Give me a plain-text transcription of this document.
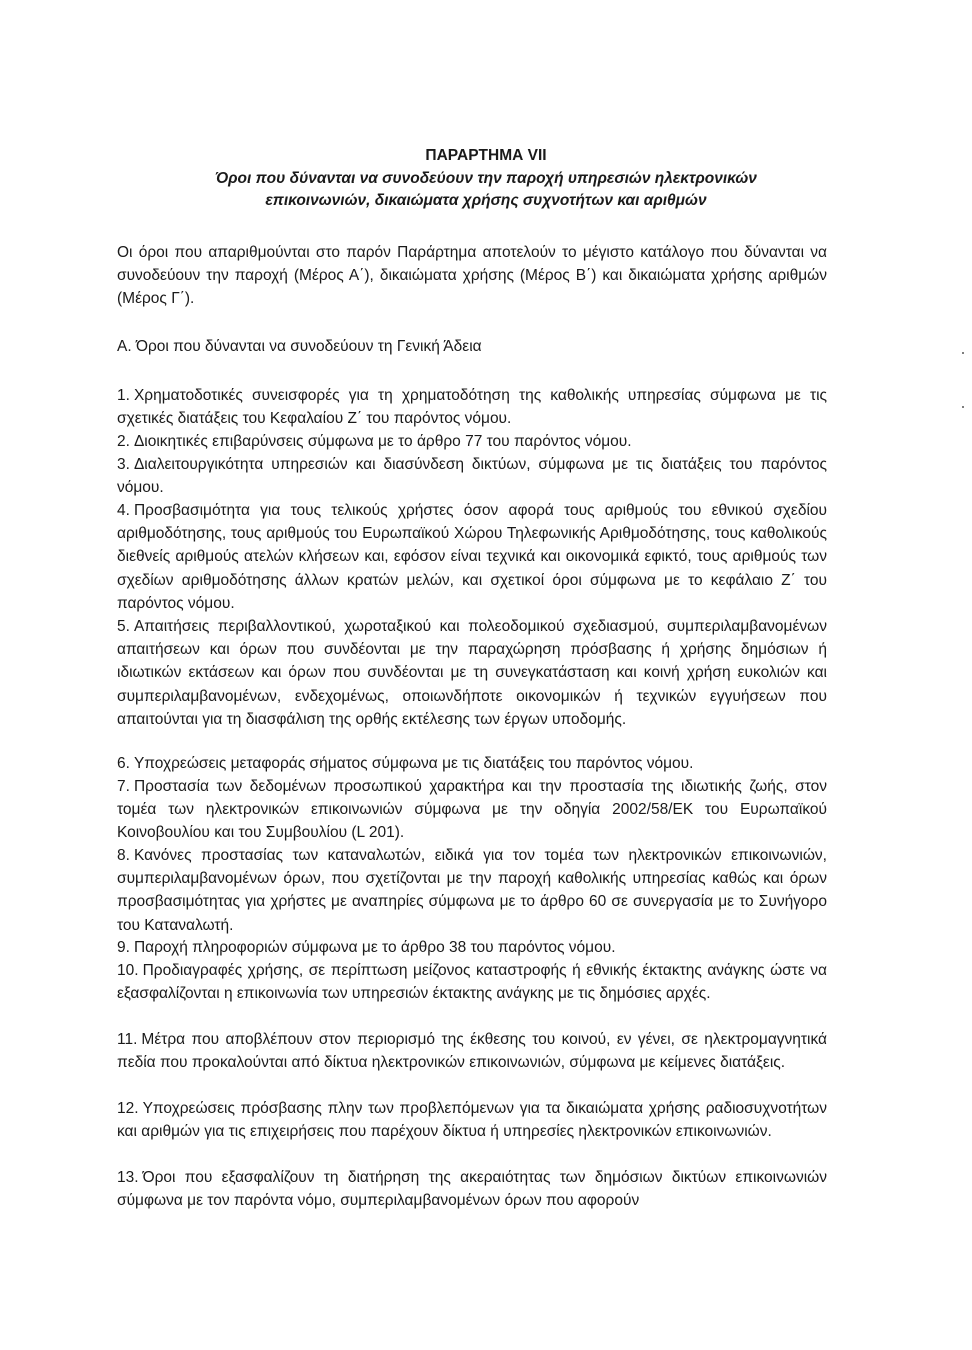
ΠΑΡΑΡΤΗΜΑ VII
Όροι που δύνανται να συνοδεύουν την παροχή υπηρεσιών ηλεκτρονικών
επικοινωνιών, δικαιώματα χρήσης συχνοτήτων και αριθμών

Οι όροι που απαριθμούνται στο παρόν Παράρτημα αποτελούν το μέγιστο κατάλογο που δύνανται να συνοδεύουν την παροχή (Μέρος Α΄), δικαιώματα χρήσης (Μέρος Β΄) και δικαιώματα χρήσης αριθμών (Μέρος Γ΄).

Α. Όροι που δύνανται να συνοδεύουν τη Γενική Άδεια

1. Χρηματοδοτικές συνεισφορές για τη χρηματοδότηση της καθολικής υπηρεσίας σύμφωνα με τις σχετικές διατάξεις του Κεφαλαίου Ζ΄ του παρόντος νόμου.

2. Διοικητικές επιβαρύνσεις σύμφωνα με το άρθρο 77 του παρόντος νόμου.

3. Διαλειτουργικότητα υπηρεσιών και διασύνδεση δικτύων, σύμφωνα με τις διατάξεις του παρόντος νόμου.

4. Προσβασιμότητα για τους τελικούς χρήστες όσον αφορά τους αριθμούς του εθνικού σχεδίου αριθμοδότησης, τους αριθμούς του Ευρωπαϊκού Χώρου Τηλεφωνικής Αριθμοδότησης, τους καθολικούς διεθνείς αριθμούς ατελών κλήσεων και, εφόσον είναι τεχνικά και οικονομικά εφικτό, τους αριθμούς των σχεδίων αριθμοδότησης άλλων κρατών μελών, και σχετικοί όροι σύμφωνα με το κεφάλαιο Ζ΄ του παρόντος νόμου.

5. Απαιτήσεις περιβαλλοντικού, χωροταξικού και πολεοδομικού σχεδιασμού, συμπεριλαμβανομένων απαιτήσεων και όρων που συνδέονται με την παραχώρηση πρόσβασης ή χρήσης δημόσιων ή ιδιωτικών εκτάσεων και όρων που συνδέονται με τη συνεγκατάσταση και κοινή χρήση ευκολιών και συμπεριλαμβανομένων, ενδεχομένως, οποιωνδήποτε οικονομικών ή τεχνικών εγγυήσεων που απαιτούνται για τη διασφάλιση της ορθής εκτέλεσης των έργων υποδομής.

6. Υποχρεώσεις μεταφοράς σήματος σύμφωνα με τις διατάξεις του παρόντος νόμου.

7. Προστασία των δεδομένων προσωπικού χαρακτήρα και την προστασία της ιδιωτικής ζωής, στον τομέα των ηλεκτρονικών επικοινωνιών σύμφωνα με την οδηγία 2002/58/ΕΚ του Ευρωπαϊκού Κοινοβουλίου και του Συμβουλίου (L 201).

8. Κανόνες προστασίας των καταναλωτών, ειδικά για τον τομέα των ηλεκτρονικών επικοινωνιών, συμπεριλαμβανομένων όρων, που σχετίζονται με την παροχή καθολικής υπηρεσίας καθώς και όρων προσβασιμότητας για χρήστες με αναπηρίες σύμφωνα με το άρθρο 60 σε συνεργασία με το Συνήγορο του Καταναλωτή.

9. Παροχή πληροφοριών σύμφωνα με το άρθρο 38 του παρόντος νόμου.

10. Προδιαγραφές χρήσης, σε περίπτωση μείζονος καταστροφής ή εθνικής έκτακτης ανάγκης ώστε να εξασφαλίζονται η επικοινωνία των υπηρεσιών έκτακτης ανάγκης με τις δημόσιες αρχές.

11. Μέτρα που αποβλέπουν στον περιορισμό της έκθεσης του κοινού, εν γένει, σε ηλεκτρομαγνητικά πεδία που προκαλούνται από δίκτυα ηλεκτρονικών επικοινωνιών, σύμφωνα με κείμενες διατάξεις.

12. Υποχρεώσεις πρόσβασης πλην των προβλεπόμενων για τα δικαιώματα χρήσης ραδιοσυχνοτήτων και αριθμών για τις επιχειρήσεις που παρέχουν δίκτυα ή υπηρεσίες ηλεκτρονικών επικοινωνιών.

13. Όροι που εξασφαλίζουν τη διατήρηση της ακεραιότητας των δημόσιων δικτύων επικοινωνιών σύμφωνα με τον παρόντα νόμο, συμπεριλαμβανομένων όρων που αφορούν
